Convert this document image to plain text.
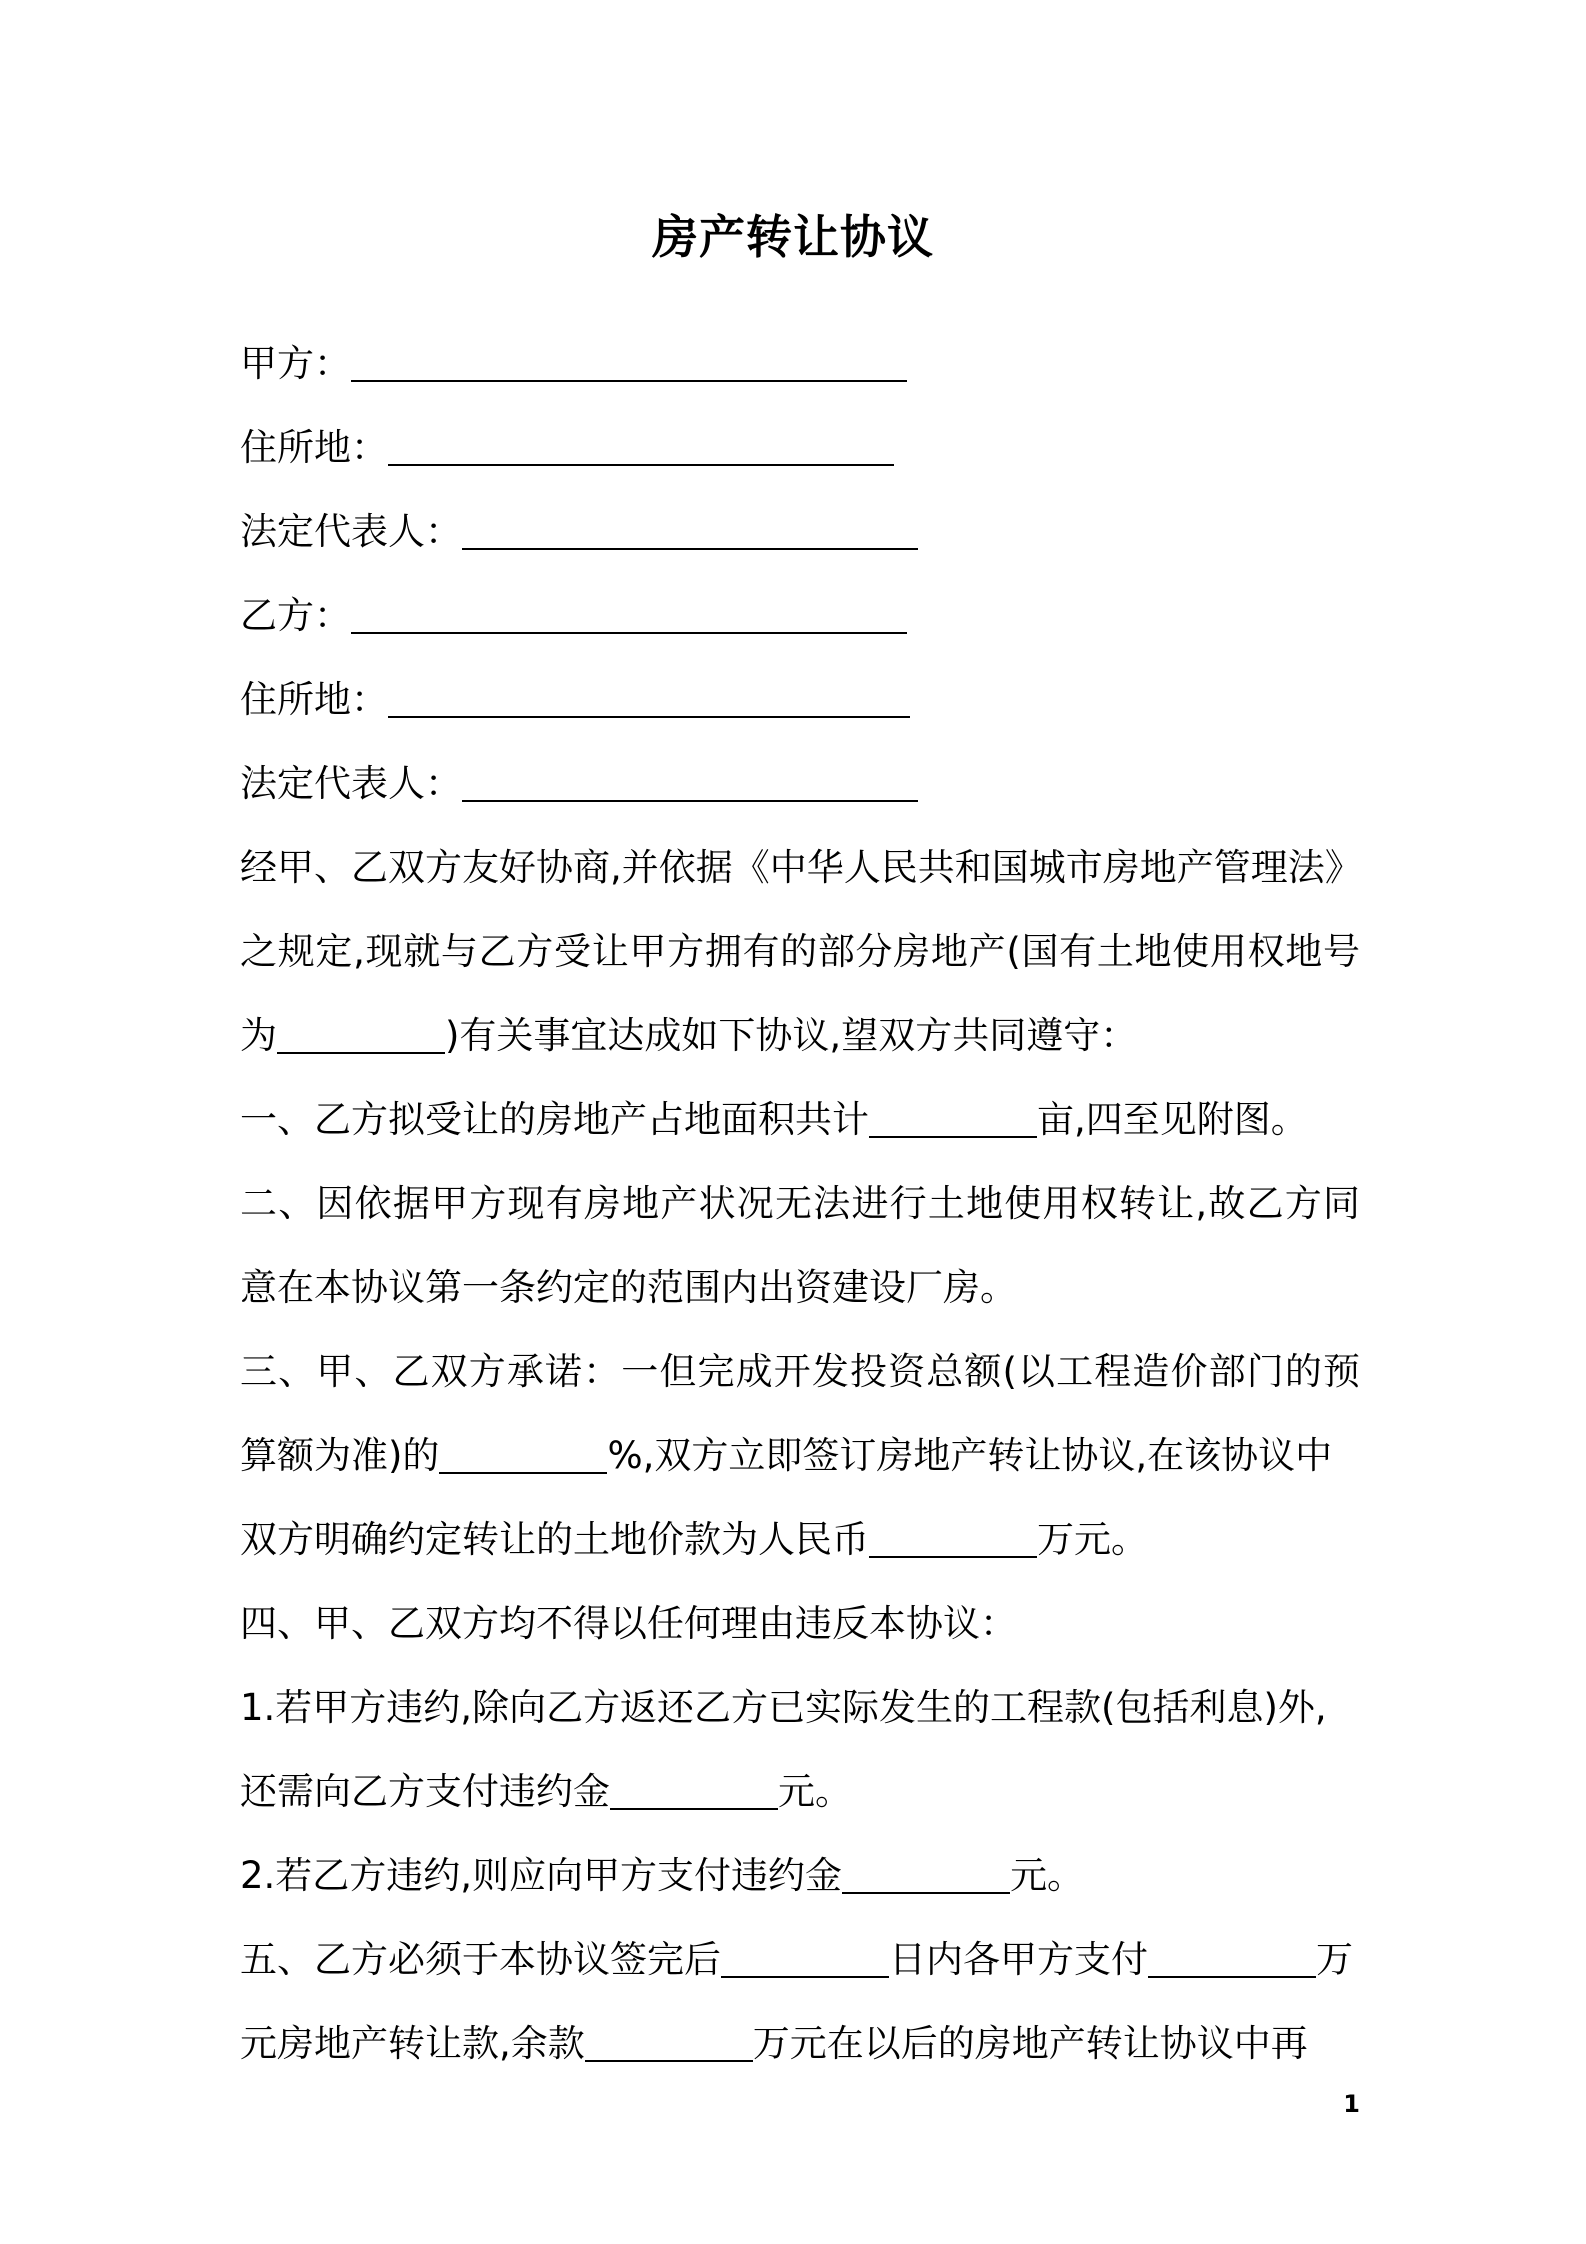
房产转让协议
甲方：
住所地：
法定代表人：
乙方：
住所地：
法定代表人：
经甲、乙双方友好协商,并依据《中华人民共和国城市房地产管理法》
之规定,现就与乙方受让甲方拥有的部分房地产(国有土地使用权地号
为	)有关事宜达成如下协议,望双方共同遵守：
一、乙方拟受让的房地产占地面积共计	亩,四至见附图。
二、因依据甲方现有房地产状况无法进行土地使用权转让,故乙方同
意在本协议第一条约定的范围内出资建设厂房。
三、甲、乙双方承诺：一但完成开发投资总额(以工程造价部门的预
算额为准)的	%,双方立即签订房地产转让协议,在该协议中
双方明确约定转让的土地价款为人民币	万元。
四、甲、乙双方均不得以任何理由违反本协议：
1.若甲方违约,除向乙方返还乙方已实际发生的工程款(包括利息)外,
还需向乙方支付违约金	元。
2.若乙方违约,则应向甲方支付违约金	元。
五、乙方必须于本协议签完后	日内各甲方支付	万
元房地产转让款,余款	万元在以后的房地产转让协议中再
1
